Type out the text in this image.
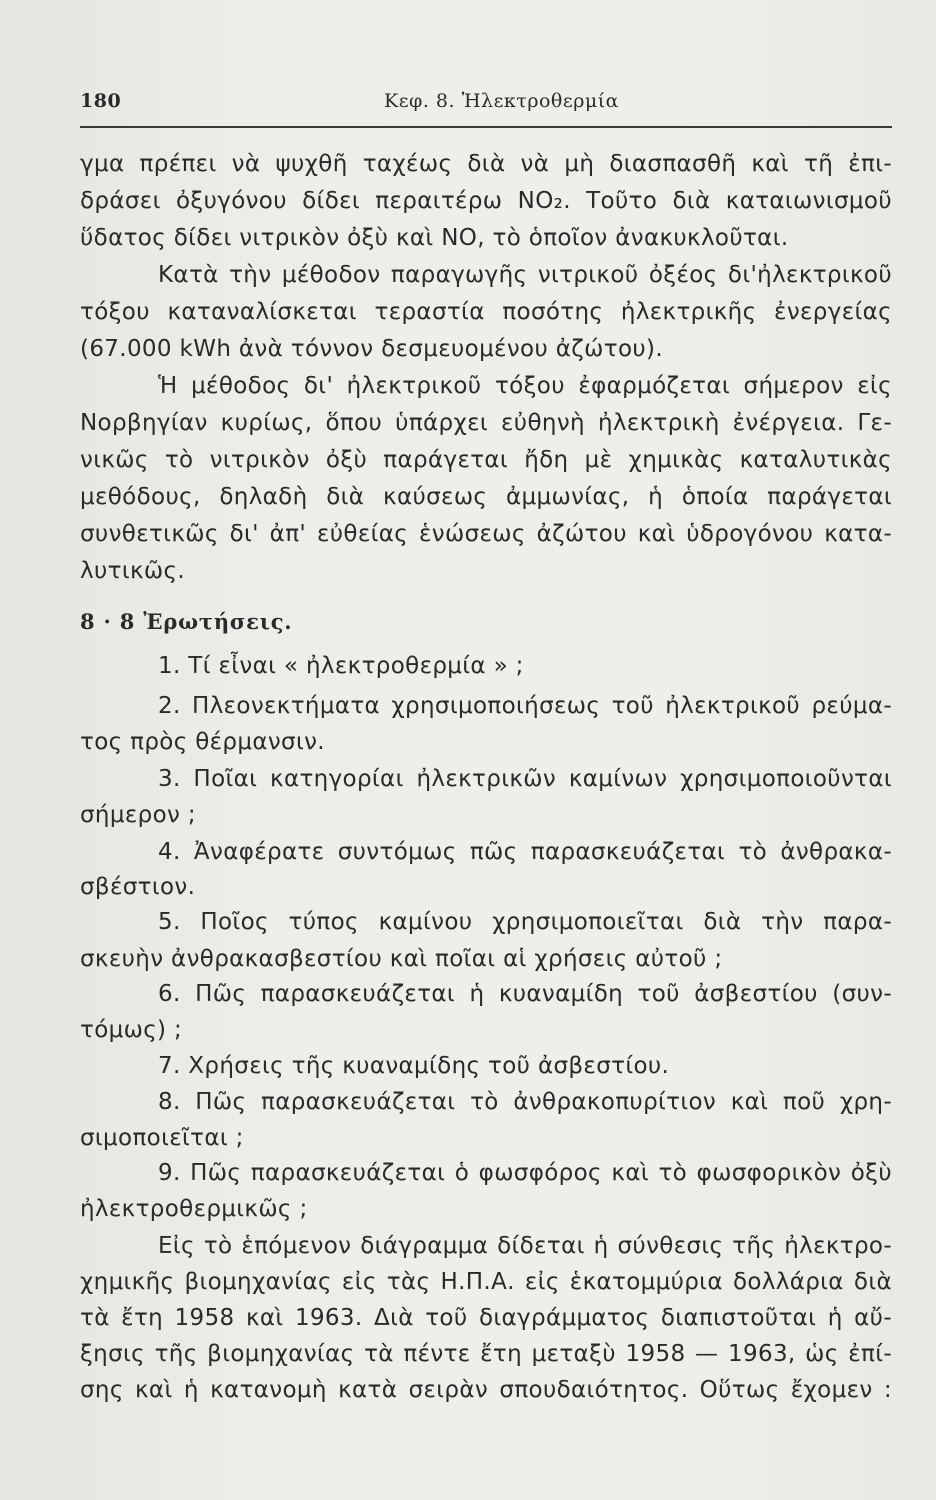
180	Κεφ. 8. Ἠλεκτροθερμία
γμα πρέπει νὰ ψυχθῆ ταχέως διὰ νὰ μὴ διασπασθῆ καὶ τῆ ἐπι-
δράσει ὀξυγόνου δίδει περαιτέρω NO₂. Τοῦτο διὰ καταιωνισμοῦ
ὕδατος δίδει νιτρικὸν ὀξὺ καὶ NO, τὸ ὁποῖον ἀνακυκλοῦται.
Κατὰ τὴν μέθοδον παραγωγῆς νιτρικοῦ ὀξέος δι'ἠλεκτρικοῦ
τόξου καταναλίσκεται τεραστία ποσότης ἠλεκτρικῆς ἐνεργείας
(67.000 kWh ἀνὰ τόννον δεσμευομένου ἀζώτου).
Ἡ μέθοδος δι' ἠλεκτρικοῦ τόξου ἐφαρμόζεται σήμερον εἰς
Νορβηγίαν κυρίως, ὅπου ὑπάρχει εὐθηνὴ ἠλεκτρικὴ ἐνέργεια. Γε-
νικῶς τὸ νιτρικὸν ὀξὺ παράγεται ἤδη μὲ χημικὰς καταλυτικὰς
μεθόδους, δηλαδὴ διὰ καύσεως ἀμμωνίας, ἡ ὁποία παράγεται
συνθετικῶς δι' ἀπ' εὐθείας ἑνώσεως ἀζώτου καὶ ὑδρογόνου κατα-
λυτικῶς.
8 · 8 Ἐρωτήσεις.
1. Τί εἶναι « ἠλεκτροθερμία » ;
2. Πλεονεκτήματα χρησιμοποιήσεως τοῦ ἠλεκτρικοῦ ρεύμα-
τος πρὸς θέρμανσιν.
3. Ποῖαι κατηγορίαι ἠλεκτρικῶν καμίνων χρησιμοποιοῦνται
σήμερον ;
4. Ἀναφέρατε συντόμως πῶς παρασκευάζεται τὸ ἀνθρακα-
σβέστιον.
5. Ποῖος τύπος καμίνου χρησιμοποιεῖται διὰ τὴν παρα-
σκευὴν ἀνθρακασβεστίου καὶ ποῖαι αἱ χρήσεις αὐτοῦ ;
6. Πῶς παρασκευάζεται ἡ κυαναμίδη τοῦ ἀσβεστίου (συν-
τόμως) ;
7. Χρήσεις τῆς κυαναμίδης τοῦ ἀσβεστίου.
8. Πῶς παρασκευάζεται τὸ ἀνθρακοπυρίτιον καὶ ποῦ χρη-
σιμοποιεῖται ;
9. Πῶς παρασκευάζεται ὁ φωσφόρος καὶ τὸ φωσφορικὸν ὀξὺ
ἠλεκτροθερμικῶς ;
Εἰς τὸ ἑπόμενον διάγραμμα δίδεται ἡ σύνθεσις τῆς ἠλεκτρο-
χημικῆς βιομηχανίας εἰς τὰς Η.Π.Α. εἰς ἑκατομμύρια δολλάρια διὰ
τὰ ἔτη 1958 καὶ 1963. Διὰ τοῦ διαγράμματος διαπιστοῦται ἡ αὔ-
ξησις τῆς βιομηχανίας τὰ πέντε ἔτη μεταξὺ 1958 — 1963, ὡς ἐπί-
σης καὶ ἡ κατανομὴ κατὰ σειρὰν σπουδαιότητος. Οὕτως ἔχομεν :
